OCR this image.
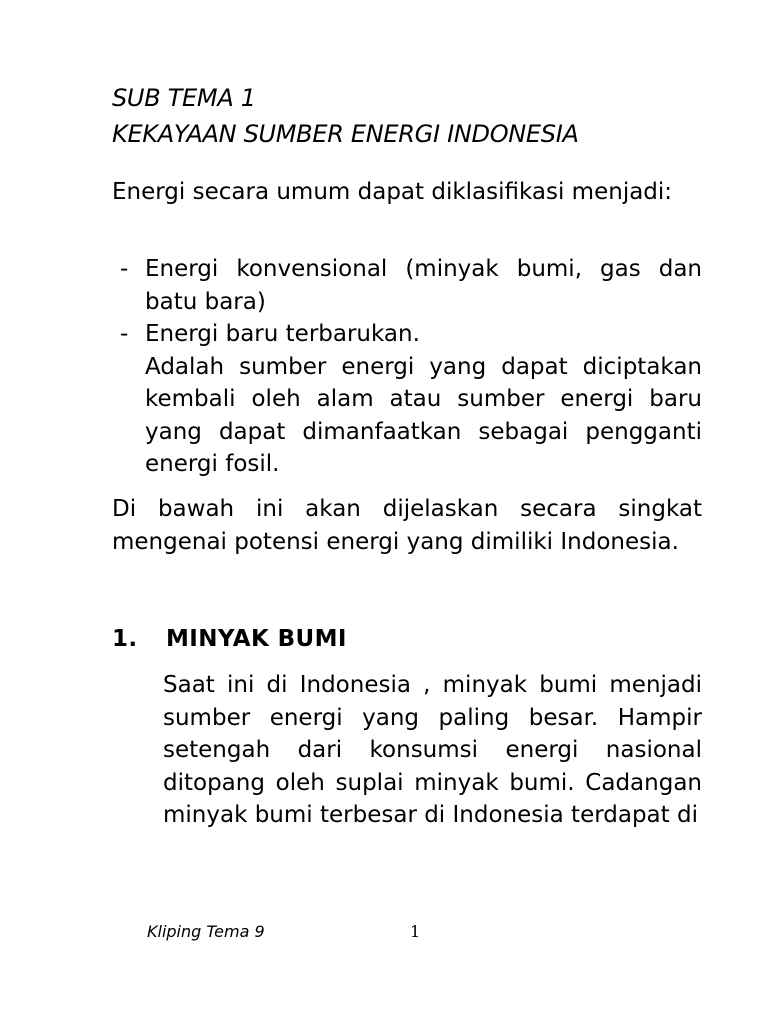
SUB TEMA 1
KEKAYAAN SUMBER ENERGI INDONESIA

Energi secara umum dapat diklasifikasi menjadi:

- Energi konvensional (minyak bumi, gas dan batu bara)
- Energi baru terbarukan.
Adalah sumber energi yang dapat diciptakan kembali oleh alam atau sumber energi baru yang dapat dimanfaatkan sebagai pengganti energi fosil.

Di bawah ini akan dijelaskan secara singkat mengenai potensi energi yang dimiliki Indonesia.

1. MINYAK BUMI

Saat ini di Indonesia , minyak bumi menjadi sumber energi yang paling besar. Hampir setengah dari konsumsi energi nasional ditopang oleh suplai minyak bumi. Cadangan minyak bumi terbesar di Indonesia terdapat di

Kliping Tema 9	1
